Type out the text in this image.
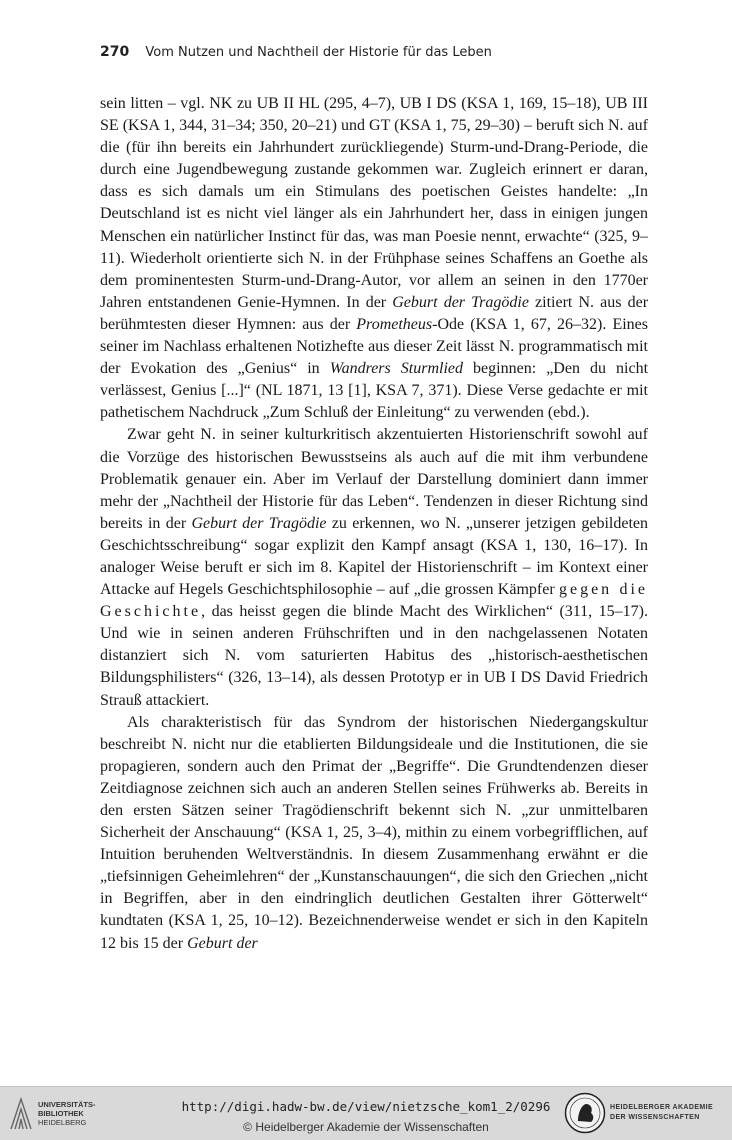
270 Vom Nutzen und Nachtheil der Historie für das Leben

sein litten – vgl. NK zu UB II HL (295, 4–7), UB I DS (KSA 1, 169, 15–18), UB III SE (KSA 1, 344, 31–34; 350, 20–21) und GT (KSA 1, 75, 29–30) – beruft sich N. auf die (für ihn bereits ein Jahrhundert zurückliegende) Sturm-und-Drang-Periode, die durch eine Jugendbewegung zustande gekommen war. Zugleich erinnert er daran, dass es sich damals um ein Stimulans des poetischen Geistes handelte: „In Deutschland ist es nicht viel länger als ein Jahrhundert her, dass in einigen jungen Menschen ein natürlicher Instinct für das, was man Poesie nennt, erwachte“ (325, 9–11). Wiederholt orientierte sich N. in der Frühphase seines Schaffens an Goethe als dem prominentesten Sturm-und-Drang-Autor, vor allem an seinen in den 1770er Jahren entstandenen Genie-Hymnen. In der Geburt der Tragödie zitiert N. aus der berühmtesten dieser Hymnen: aus der Prometheus-Ode (KSA 1, 67, 26–32). Eines seiner im Nachlass erhaltenen Notizhefte aus dieser Zeit lässt N. programmatisch mit der Evokation des „Genius“ in Wandrers Sturmlied beginnen: „Den du nicht verlässest, Genius [...]“ (NL 1871, 13 [1], KSA 7, 371). Diese Verse gedachte er mit pathetischem Nachdruck „Zum Schluß der Einleitung“ zu verwenden (ebd.).

Zwar geht N. in seiner kulturkritisch akzentuierten Historienschrift sowohl auf die Vorzüge des historischen Bewusstseins als auch auf die mit ihm verbundene Problematik genauer ein. Aber im Verlauf der Darstellung dominiert dann immer mehr der „Nachtheil der Historie für das Leben“. Tendenzen in dieser Richtung sind bereits in der Geburt der Tragödie zu erkennen, wo N. „unserer jetzigen gebildeten Geschichtsschreibung“ sogar explizit den Kampf ansagt (KSA 1, 130, 16–17). In analoger Weise beruft er sich im 8. Kapitel der Historienschrift – im Kontext einer Attacke auf Hegels Geschichtsphilosophie – auf „die grossen Kämpfer gegen die Geschichte, das heisst gegen die blinde Macht des Wirklichen“ (311, 15–17). Und wie in seinen anderen Frühschriften und in den nachgelassenen Notaten distanziert sich N. vom saturierten Habitus des „historisch-aesthetischen Bildungsphilisters“ (326, 13–14), als dessen Prototyp er in UB I DS David Friedrich Strauß attackiert.

Als charakteristisch für das Syndrom der historischen Niedergangskultur beschreibt N. nicht nur die etablierten Bildungsideale und die Institutionen, die sie propagieren, sondern auch den Primat der „Begriffe“. Die Grundtendenzen dieser Zeitdiagnose zeichnen sich auch an anderen Stellen seines Frühwerks ab. Bereits in den ersten Sätzen seiner Tragödienschrift bekennt sich N. „zur unmittelbaren Sicherheit der Anschauung“ (KSA 1, 25, 3–4), mithin zu einem vorbegrifflichen, auf Intuition beruhenden Weltverständnis. In diesem Zusammenhang erwähnt er die „tiefsinnigen Geheimlehren“ der „Kunstanschauungen“, die sich den Griechen „nicht in Begriffen, aber in den eindringlich deutlichen Gestalten ihrer Götterwelt“ kundtaten (KSA 1, 25, 10–12). Bezeichnenderweise wendet er sich in den Kapiteln 12 bis 15 der Geburt der

UNIVERSITÄTS-
BIBLIOTHEK
HEIDELBERG
http://digi.hadw-bw.de/view/nietzsche_kom1_2/0296
© Heidelberger Akademie der Wissenschaften
HEIDELBERGER AKADEMIE
DER WISSENSCHAFTEN
